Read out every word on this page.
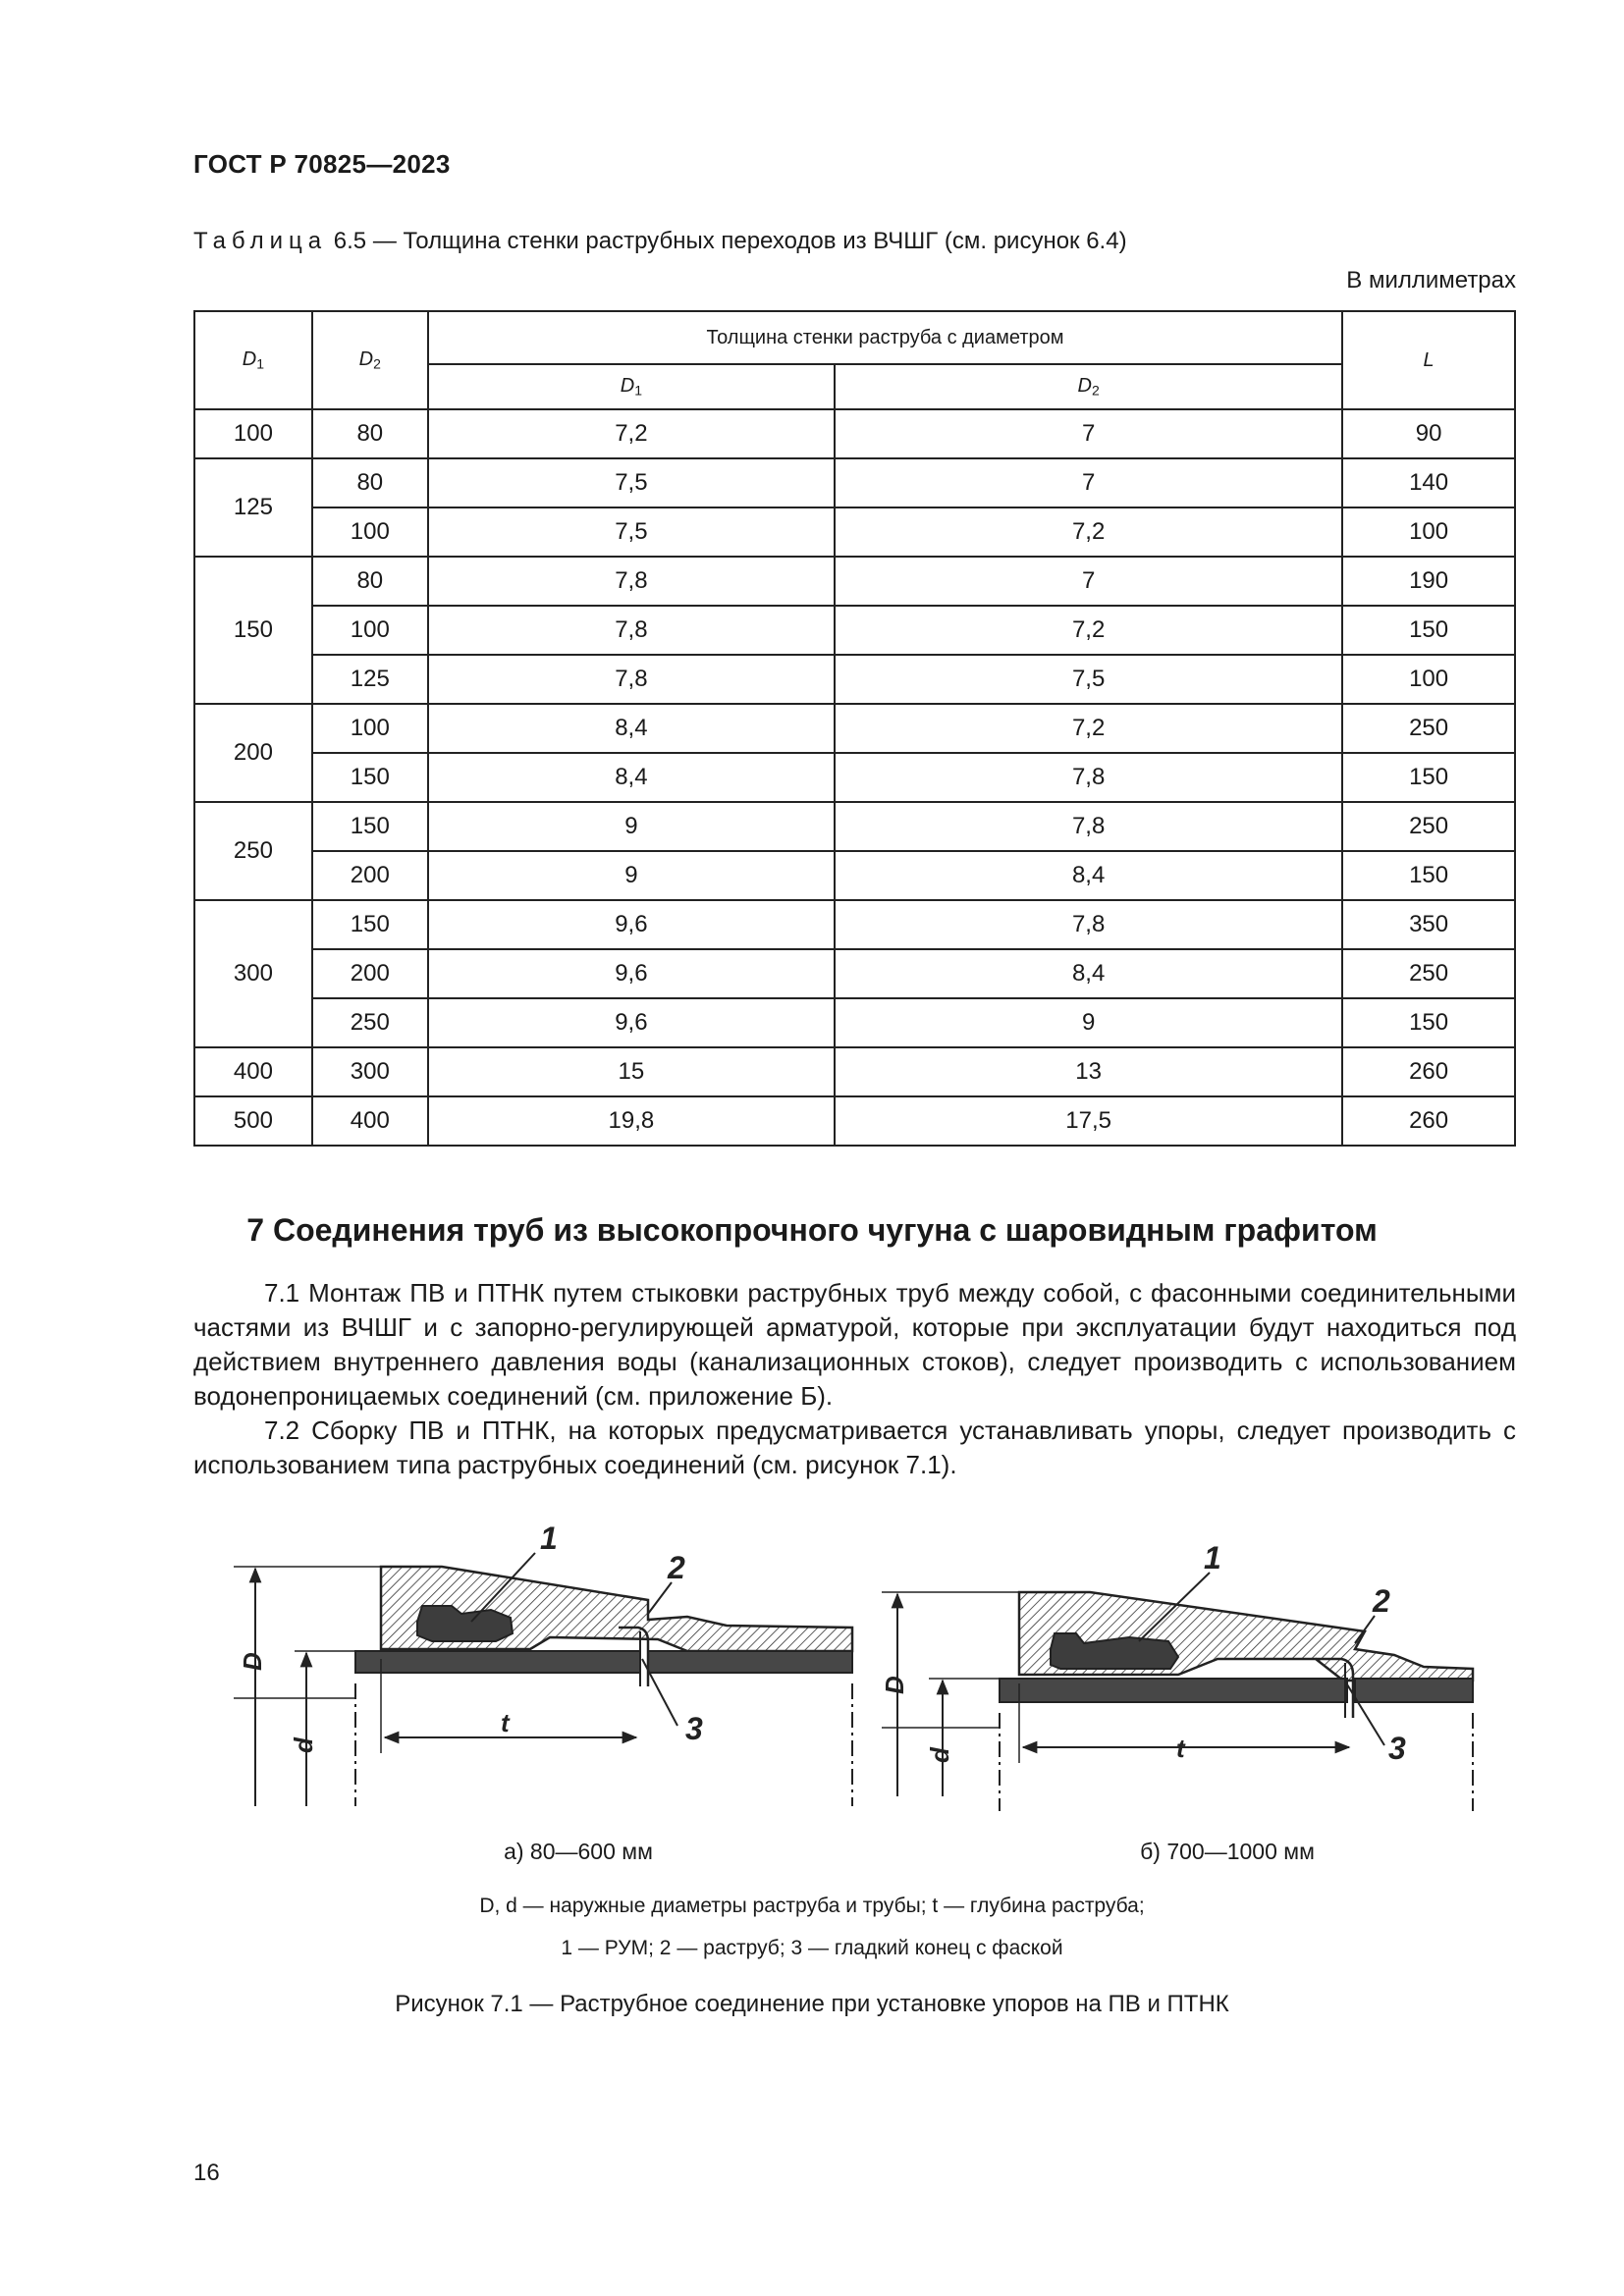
ГОСТ Р 70825—2023
Таблица 6.5 — Толщина стенки раструбных переходов из ВЧШГ (см. рисунок 6.4)
В миллиметрах
$D_1$	$D_2$	Толщина стенки раструба с диаметром		L
		$D_1$	$D_2$
100	80	7,2	7	90
125	80	7,5	7	140
	100	7,5	7,2	100
150	80	7,8	7	190
	100	7,8	7,2	150
	125	7,8	7,5	100
200	100	8,4	7,2	250
	150	8,4	7,8	150
250	150	9	7,8	250
	200	9	8,4	150
300	150	9,6	7,8	350
	200	9,6	8,4	250
	250	9,6	9	150
400	300	15	13	260
500	400	19,8	17,5	260
7 Соединения труб из высокопрочного чугуна с шаровидным графитом

7.1 Монтаж ПВ и ПТНК путем стыковки раструбных труб между собой, с фасонными соединительными частями из ВЧШГ и с запорно-регулирующей арматурой, которые при эксплуатации будут находиться под действием внутреннего давления воды (канализационных стоков), следует производить с использованием водонепроницаемых соединений (см. приложение Б).

7.2 Сборку ПВ и ПТНК, на которых предусматривается устанавливать упоры, следует производить с использованием типа раструбных соединений (см. рисунок 7.1).

D
d
t
1
2
3
D
d	t
1
2
3
а) 80—600 мм	б) 700—1000 мм
D, d — наружные диаметры раструба и трубы; t — глубина раструба;
1 — РУМ; 2 — раструб; 3 — гладкий конец с фаской
Рисунок 7.1 — Раструбное соединение при установке упоров на ПВ и ПТНК
16
